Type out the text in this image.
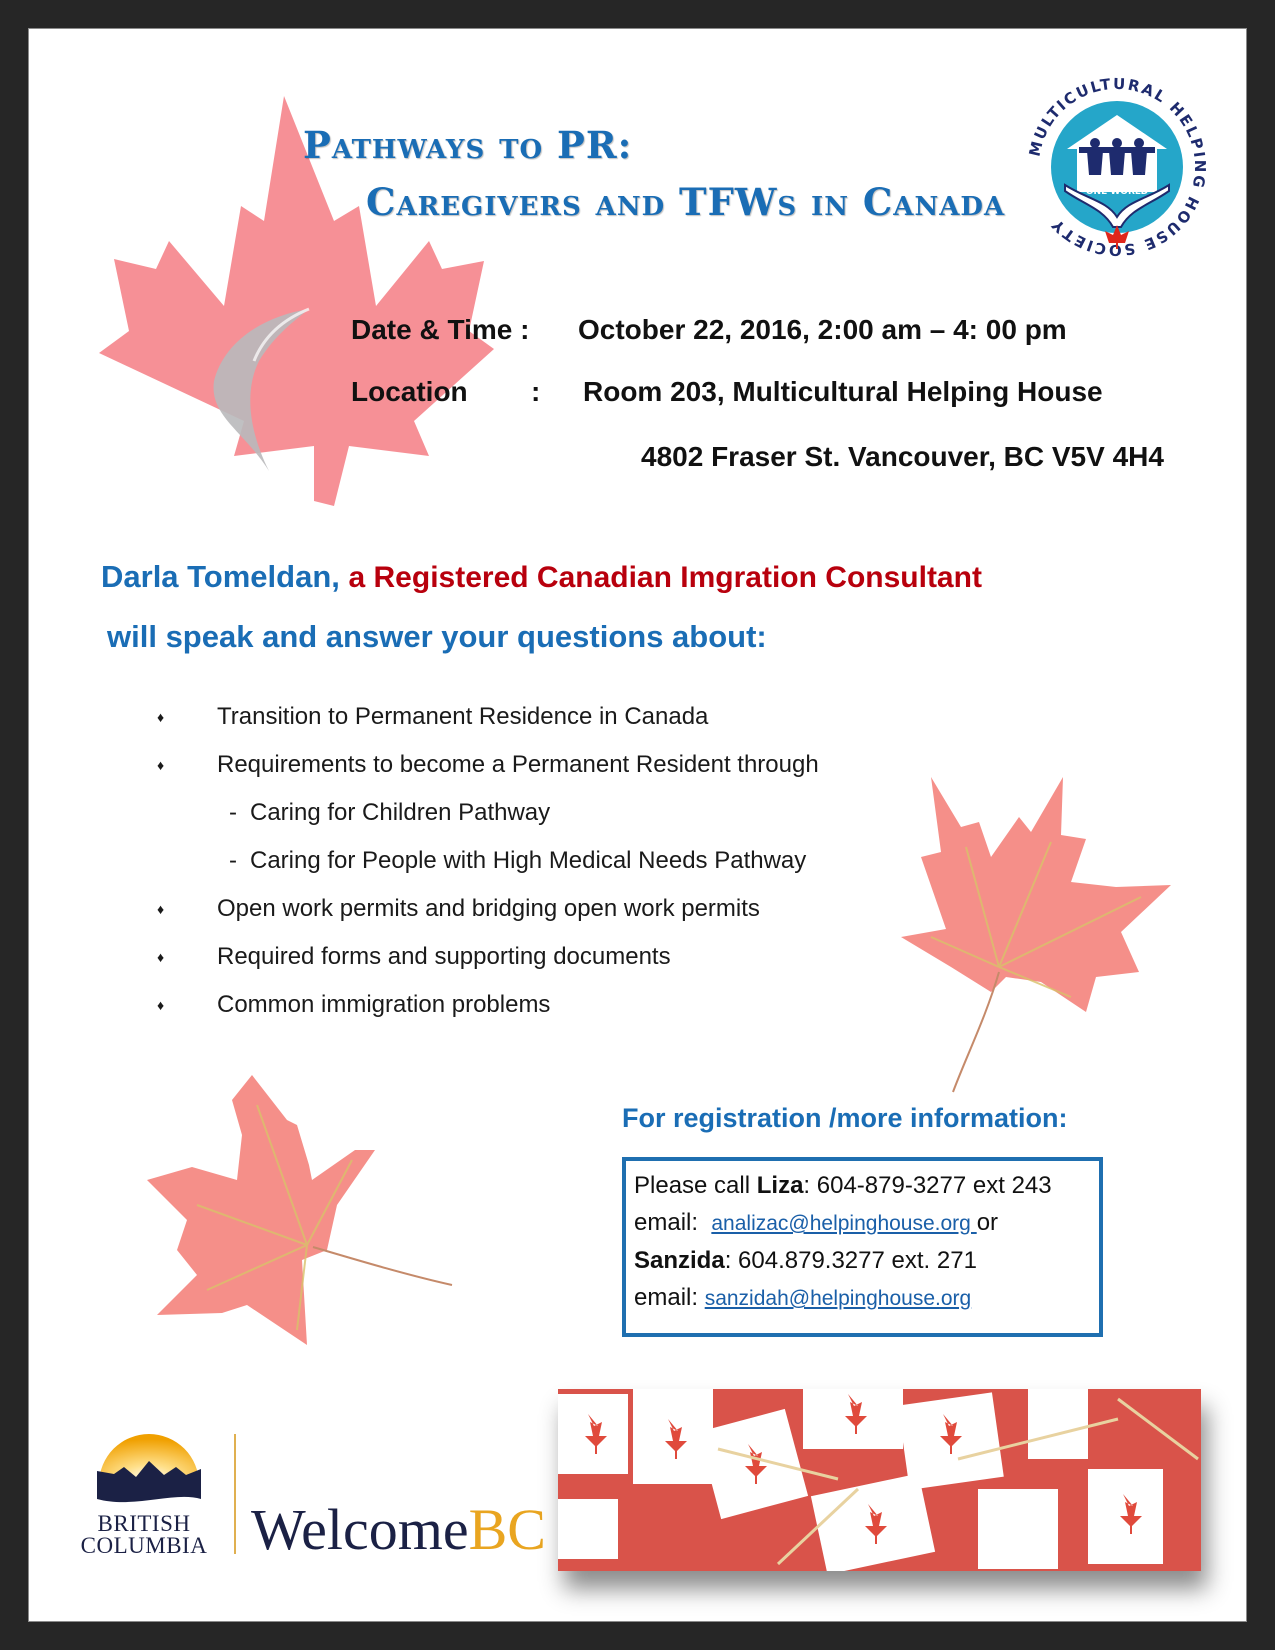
Pathways to PR:
Caregivers and TFWs in Canada
MULTICULTURAL HELPING HOUSE SOCIETY
BAYANIHAN
ONE WORLD
Date & Time : October 22, 2016, 2:00 am – 4: 00 pm
Location : Room 203, Multicultural Helping House
4802 Fraser St. Vancouver, BC V5V 4H4
Darla Tomeldan, a Registered Canadian Imgration Consultant
will speak and answer your questions about:
♦ Transition to Permanent Residence in Canada
♦ Requirements to become a Permanent Resident through
- Caring for Children Pathway
- Caring for People with High Medical Needs Pathway
♦ Open work permits and bridging open work permits
♦ Required forms and supporting documents
♦ Common immigration problems
For registration /more information:
Please call Liza: 604-879-3277 ext 243
email:  analizac@helpinghouse.org or
Sanzida: 604.879.3277 ext. 271
email: sanzidah@helpinghouse.org
BRITISH
COLUMBIA WelcomeBC
